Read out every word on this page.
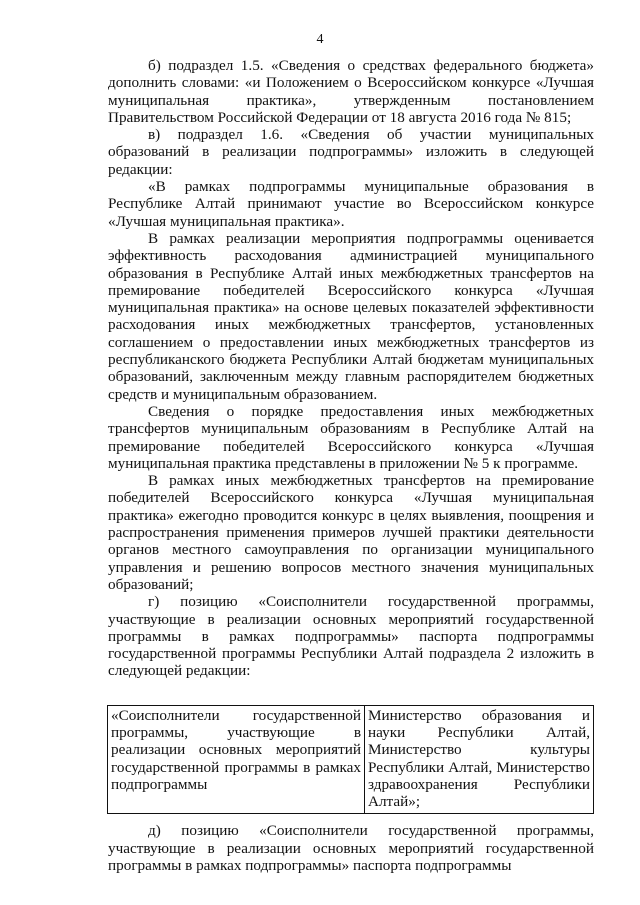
4

б) подраздел 1.5. «Сведения о средствах федерального бюджета» дополнить словами: «и Положением о Всероссийском конкурсе «Лучшая муниципальная практика», утвержденным постановлением Правительством Российской Федерации от 18 августа 2016 года № 815;

в) подраздел 1.6. «Сведения об участии муниципальных образований в реализации подпрограммы» изложить в следующей редакции:

«В рамках подпрограммы муниципальные образования в Республике Алтай принимают участие во Всероссийском конкурсе «Лучшая муниципальная практика».

В рамках реализации мероприятия подпрограммы оценивается эффективность расходования администрацией муниципального образования в Республике Алтай иных межбюджетных трансфертов на премирование победителей Всероссийского конкурса «Лучшая муниципальная практика» на основе целевых показателей эффективности расходования иных межбюджетных трансфертов, установленных соглашением о предоставлении иных межбюджетных трансфертов из республиканского бюджета Республики Алтай бюджетам муниципальных образований, заключенным между главным распорядителем бюджетных средств и муниципальным образованием.

Сведения о порядке предоставления иных межбюджетных трансфертов муниципальным образованиям в Республике Алтай на премирование победителей Всероссийского конкурса «Лучшая муниципальная практика представлены в приложении № 5 к программе.

В рамках иных межбюджетных трансфертов на премирование победителей Всероссийского конкурса «Лучшая муниципальная практика» ежегодно проводится конкурс в целях выявления, поощрения и распространения применения примеров лучшей практики деятельности органов местного самоуправления по организации муниципального управления и решению вопросов местного значения муниципальных образований;

г) позицию «Соисполнители государственной программы, участвующие в реализации основных мероприятий государственной программы в рамках подпрограммы» паспорта подпрограммы государственной программы Республики Алтай подраздела 2 изложить в следующей редакции:

«Соисполнители государственной программы, участвующие в реализации основных мероприятий государственной программы в рамках подпрограммы	Министерство образования и науки Республики Алтай, Министерство культуры Республики Алтай, Министерство здравоохранения Республики Алтай»;

д) позицию «Соисполнители государственной программы, участвующие в реализации основных мероприятий государственной программы в рамках подпрограммы» паспорта подпрограммы
